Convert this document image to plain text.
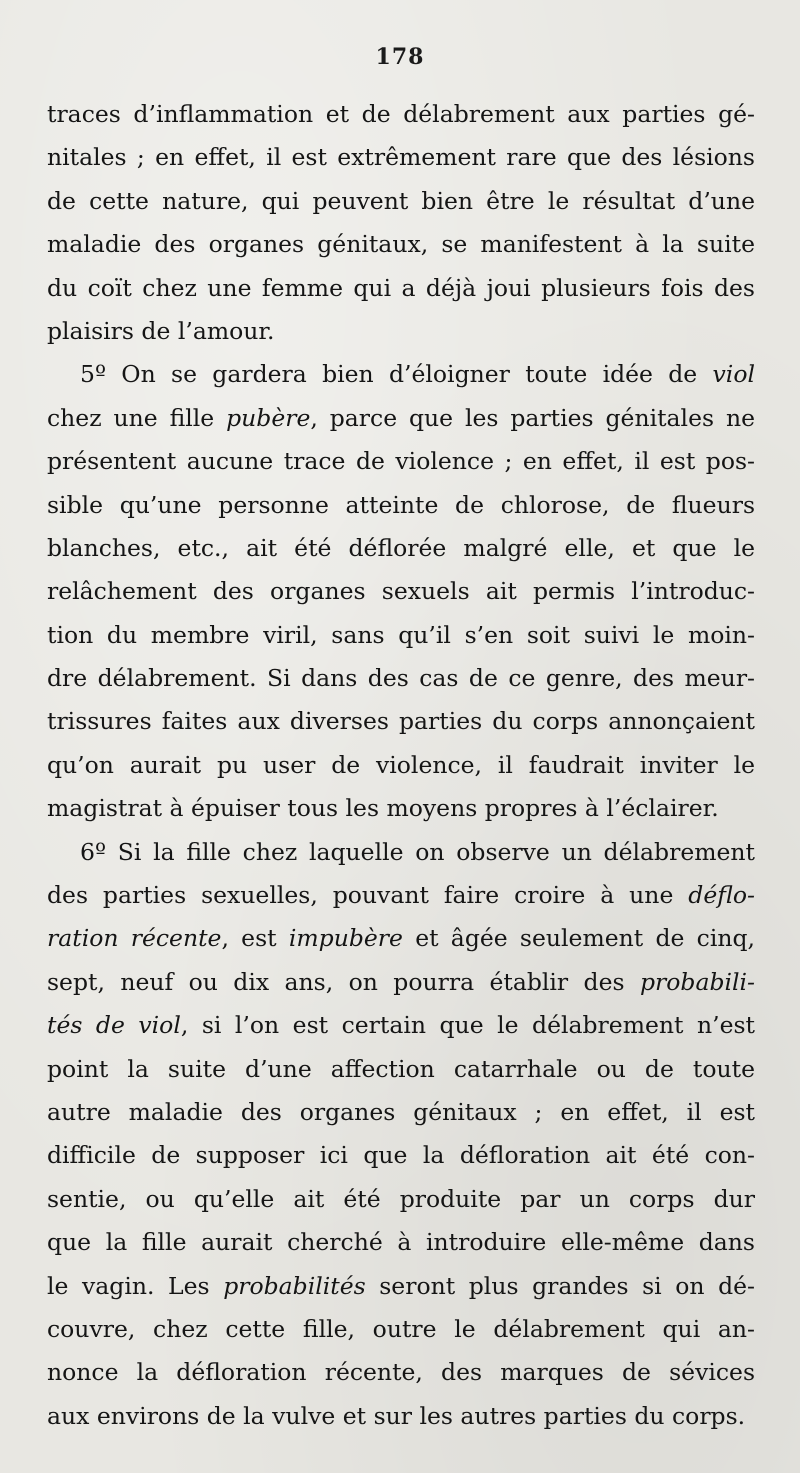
178
traces d’inflammation et de délabrement aux parties gé-
nitales ; en effet, il est extrêmement rare que des lésions
de cette nature, qui peuvent bien être le résultat d’une
maladie des organes génitaux, se manifestent à la suite
du coït chez une femme qui a déjà joui plusieurs fois des
plaisirs de l’amour.
5º On se gardera bien d’éloigner toute idée de viol
chez une fille pubère, parce que les parties génitales ne
présentent aucune trace de violence ; en effet, il est pos-
sible qu’une personne atteinte de chlorose, de flueurs
blanches, etc., ait été déflorée malgré elle, et que le
relâchement des organes sexuels ait permis l’introduc-
tion du membre viril, sans qu’il s’en soit suivi le moin-
dre délabrement. Si dans des cas de ce genre, des meur-
trissures faites aux diverses parties du corps annonçaient
qu’on aurait pu user de violence, il faudrait inviter le
magistrat à épuiser tous les moyens propres à l’éclairer.
6º Si la fille chez laquelle on observe un délabrement
des parties sexuelles, pouvant faire croire à une déflo-
ration récente, est impubère et âgée seulement de cinq,
sept, neuf ou dix ans, on pourra établir des probabili-
tés de viol, si l’on est certain que le délabrement n’est
point la suite d’une affection catarrhale ou de toute
autre maladie des organes génitaux ; en effet, il est
difficile de supposer ici que la défloration ait été con-
sentie, ou qu’elle ait été produite par un corps dur
que la fille aurait cherché à introduire elle-même dans
le vagin. Les probabilités seront plus grandes si on dé-
couvre, chez cette fille, outre le délabrement qui an-
nonce la défloration récente, des marques de sévices
aux environs de la vulve et sur les autres parties du corps.
